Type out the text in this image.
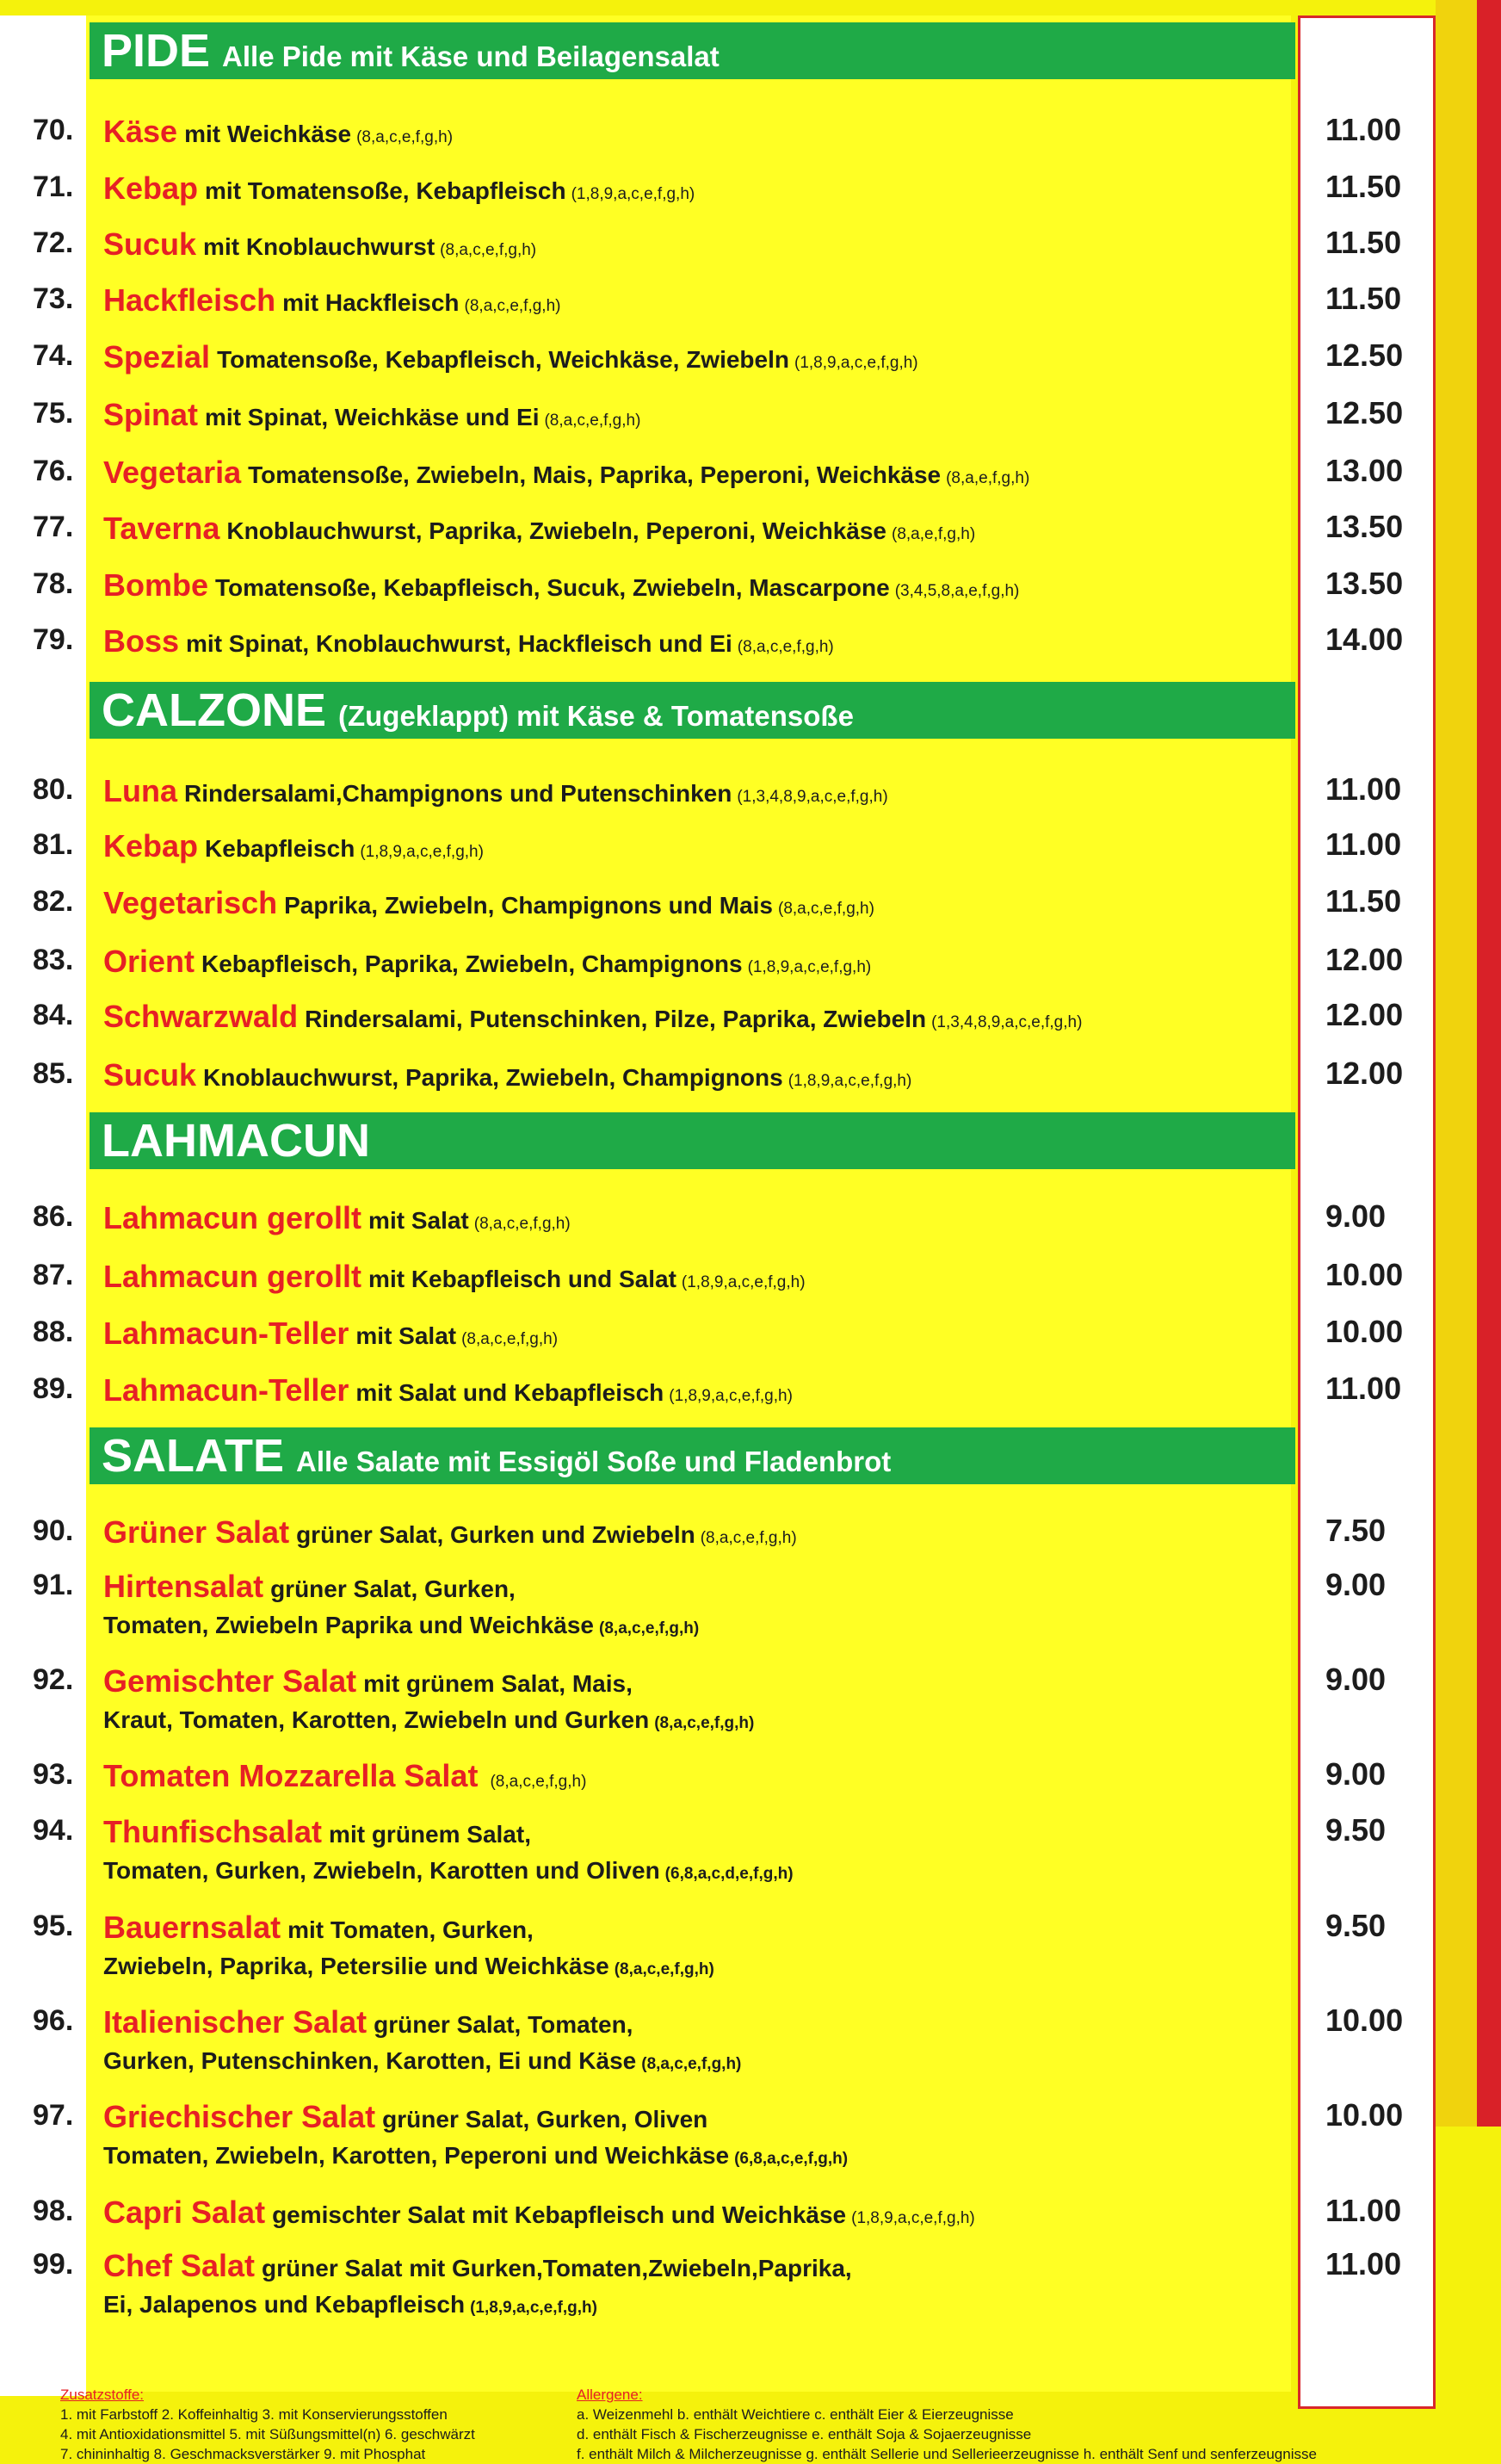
PIDE Alle Pide mit Käse und Beilagensalat
70. Käse mit Weichkäse (8,a,c,e,f,g,h)	11.00
71. Kebap mit Tomatensoße, Kebapfleisch (1,8,9,a,c,e,f,g,h)	11.50
72. Sucuk mit Knoblauchwurst (8,a,c,e,f,g,h)	11.50
73. Hackfleisch mit Hackfleisch (8,a,c,e,f,g,h)	11.50
74. Spezial Tomatensoße, Kebapfleisch, Weichkäse, Zwiebeln (1,8,9,a,c,e,f,g,h)	12.50
75. Spinat mit Spinat, Weichkäse und Ei (8,a,c,e,f,g,h)	12.50
76. Vegetaria Tomatensoße, Zwiebeln, Mais, Paprika, Peperoni, Weichkäse (8,a,e,f,g,h)	13.00
77. Taverna Knoblauchwurst, Paprika, Zwiebeln, Peperoni, Weichkäse (8,a,e,f,g,h)	13.50
78. Bombe Tomatensoße, Kebapfleisch, Sucuk, Zwiebeln, Mascarpone (3,4,5,8,a,e,f,g,h)	13.50
79. Boss mit Spinat, Knoblauchwurst, Hackfleisch und Ei (8,a,c,e,f,g,h)	14.00
CALZONE (Zugeklappt) mit Käse & Tomatensoße
80. Luna Rindersalami,Champignons und Putenschinken (1,3,4,8,9,a,c,e,f,g,h)	11.00
81. Kebap Kebapfleisch (1,8,9,a,c,e,f,g,h)	11.00
82. Vegetarisch Paprika, Zwiebeln, Champignons und Mais (8,a,c,e,f,g,h)	11.50
83. Orient Kebapfleisch, Paprika, Zwiebeln, Champignons (1,8,9,a,c,e,f,g,h)	12.00
84. Schwarzwald Rindersalami, Putenschinken, Pilze, Paprika, Zwiebeln (1,3,4,8,9,a,c,e,f,g,h)	12.00
85. Sucuk Knoblauchwurst, Paprika, Zwiebeln, Champignons (1,8,9,a,c,e,f,g,h)	12.00
LAHMACUN
86. Lahmacun gerollt mit Salat (8,a,c,e,f,g,h)	9.00
87. Lahmacun gerollt mit Kebapfleisch und Salat (1,8,9,a,c,e,f,g,h)	10.00
88. Lahmacun-Teller mit Salat (8,a,c,e,f,g,h)	10.00
89. Lahmacun-Teller mit Salat und Kebapfleisch (1,8,9,a,c,e,f,g,h)	11.00
SALATE Alle Salate mit Essigöl Soße und Fladenbrot
90. Grüner Salat grüner Salat, Gurken und Zwiebeln (8,a,c,e,f,g,h)	7.50
91. Hirtensalat grüner Salat, Gurken,
Tomaten, Zwiebeln Paprika und Weichkäse (8,a,c,e,f,g,h)
9.00
92. Gemischter Salat mit grünem Salat, Mais,
Kraut, Tomaten, Karotten, Zwiebeln und Gurken (8,a,c,e,f,g,h)
9.00
93. Tomaten Mozzarella Salat (8,a,c,e,f,g,h)	9.00
94. Thunfischsalat mit grünem Salat,
Tomaten, Gurken, Zwiebeln, Karotten und Oliven (6,8,a,c,d,e,f,g,h)
9.50
95. Bauernsalat mit Tomaten, Gurken,
Zwiebeln, Paprika, Petersilie und Weichkäse (8,a,c,e,f,g,h)
9.50
96. Italienischer Salat grüner Salat, Tomaten,
Gurken, Putenschinken, Karotten, Ei und Käse (8,a,c,e,f,g,h)
10.00
97. Griechischer Salat grüner Salat, Gurken, Oliven
Tomaten, Zwiebeln, Karotten, Peperoni und Weichkäse (6,8,a,c,e,f,g,h)
10.00
98. Capri Salat gemischter Salat mit Kebapfleisch und Weichkäse (1,8,9,a,c,e,f,g,h)	11.00
99. Chef Salat grüner Salat mit Gurken,Tomaten,Zwiebeln,Paprika,
Ei, Jalapenos und Kebapfleisch (1,8,9,a,c,e,f,g,h)
11.00
Zusatzstoffe:
1. mit Farbstoff 2. Koffeinhaltig 3. mit Konservierungsstoffen
4. mit Antioxidationsmittel 5. mit Süßungsmittel(n) 6. geschwärzt
7. chininhaltig 8. Geschmacksverstärker 9. mit Phosphat
Allergene:
a. Weizenmehl b. enthält Weichtiere c. enthält Eier & Eierzeugnisse
d. enthält Fisch & Fischerzeugnisse e. enthält Soja & Sojaerzeugnisse
f. enthält Milch & Milcherzeugnisse g. enthält Sellerie und Sellerieerzeugnisse h. enthält Senf und senferzeugnisse
